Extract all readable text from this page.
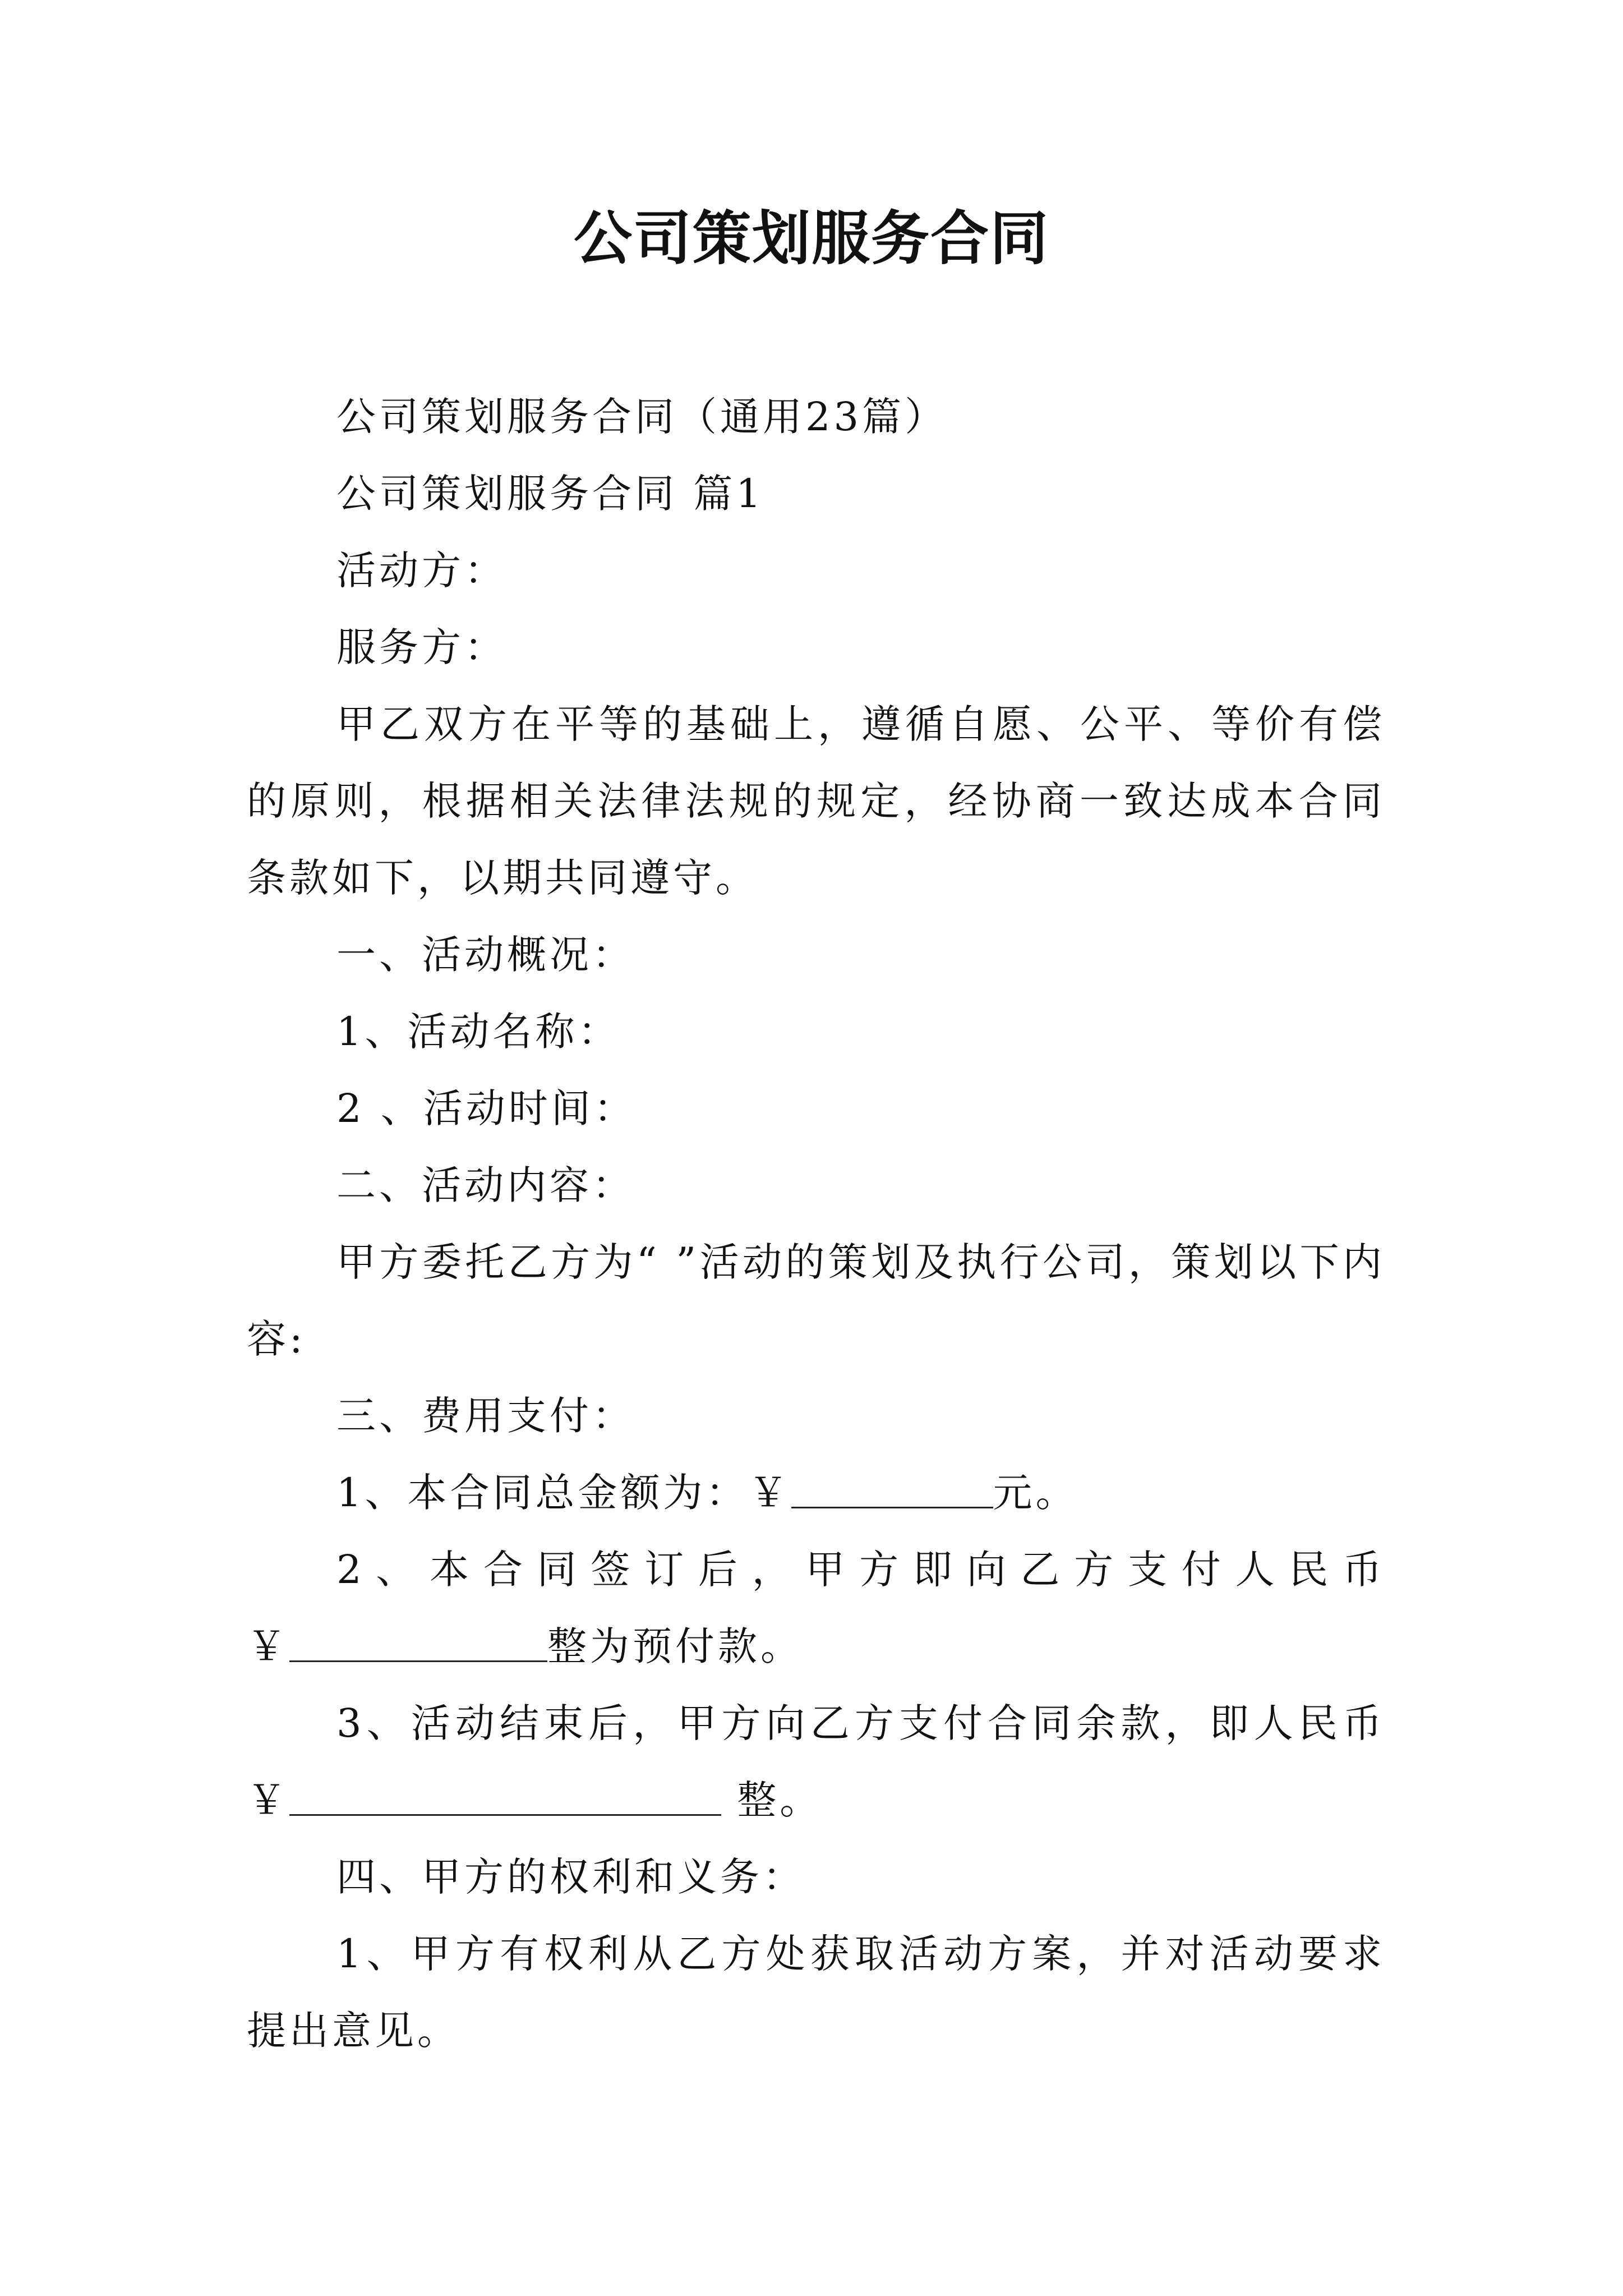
公司策划服务合同

公司策划服务合同（通用23篇）

公司策划服务合同 篇1

活动方：

服务方：

甲乙双方在平等的基础上，遵循自愿、公平、等价有偿的原则，根据相关法律法规的规定，经协商一致达成本合同条款如下，以期共同遵守。

一、活动概况：

1、活动名称：

2 、活动时间：

二、活动内容：

甲方委托乙方为“ ”活动的策划及执行公司，策划以下内容:

三、费用支付：

1、本合同总金额为：￥	元。

2、本合同签订后，甲方即向乙方支付人民币

￥	整为预付款。

3、活动结束后，甲方向乙方支付合同余款，即人民币

￥	整。

四、甲方的权利和义务：

1、甲方有权利从乙方处获取活动方案，并对活动要求提出意见。
